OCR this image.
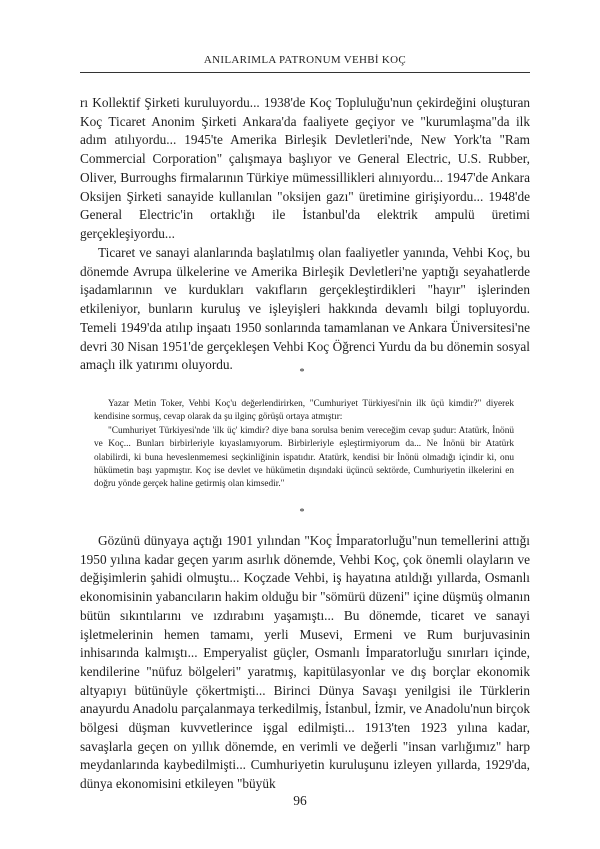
ANILARIMLA PATRONUM VEHBİ KOÇ

rı Kollektif Şirketi kuruluyordu... 1938'de Koç Topluluğu'nun çekirdeğini oluşturan Koç Ticaret Anonim Şirketi Ankara'da faaliyete geçiyor ve "kurumlaşma"da ilk adım atılıyordu... 1945'te Amerika Birleşik Devletleri'nde, New York'ta "Ram Commercial Corporation" çalışmaya başlıyor ve General Electric, U.S. Rubber, Oliver, Burroughs firmalarının Türkiye mümessillikleri alınıyordu... 1947'de Ankara Oksijen Şirketi sanayide kullanılan "oksijen gazı" üretimine girişiyordu... 1948'de General Electric'in ortaklığı ile İstanbul'da elektrik ampulü üretimi gerçekleşiyordu...

Ticaret ve sanayi alanlarında başlatılmış olan faaliyetler yanında, Vehbi Koç, bu dönemde Avrupa ülkelerine ve Amerika Birleşik Devletleri'ne yaptığı seyahatlerde işadamlarının ve kurdukları vakıfların gerçekleştirdikleri "hayır" işlerinden etkileniyor, bunların kuruluş ve işleyişleri hakkında devamlı bilgi topluyordu. Temeli 1949'da atılıp inşaatı 1950 sonlarında tamamlanan ve Ankara Üniversitesi'ne devri 30 Nisan 1951'de gerçekleşen Vehbi Koç Öğrenci Yurdu da bu dönemin sosyal amaçlı ilk yatırımı oluyordu.

*

Yazar Metin Toker, Vehbi Koç'u değerlendirirken, "Cumhuriyet Türkiyesi'nin ilk üçü kimdir?" diyerek kendisine sormuş, cevap olarak da şu ilginç görüşü ortaya atmıştır:

"Cumhuriyet Türkiyesi'nde 'ilk üç' kimdir? diye bana sorulsa benim vereceğim cevap şudur: Atatürk, İnönü ve Koç... Bunları birbirleriyle kıyaslamıyorum. Birbirleriyle eşleştirmiyorum da... Ne İnönü bir Atatürk olabilirdi, ki buna heveslenmemesi seçkinliğinin ispatıdır. Atatürk, kendisi bir İnönü olmadığı içindir ki, onu hükümetin başı yapmıştır. Koç ise devlet ve hükümetin dışındaki üçüncü sektörde, Cumhuriyetin ilkelerini en doğru yönde gerçek haline getirmiş olan kimsedir."

*

Gözünü dünyaya açtığı 1901 yılından "Koç İmparatorluğu"nun temellerini attığı 1950 yılına kadar geçen yarım asırlık dönemde, Vehbi Koç, çok önemli olayların ve değişimlerin şahidi olmuştu... Koçzade Vehbi, iş hayatına atıldığı yıllarda, Osmanlı ekonomisinin yabancıların hakim olduğu bir "sömürü düzeni" içine düşmüş olmanın bütün sıkıntılarını ve ızdırabını yaşamıştı... Bu dönemde, ticaret ve sanayi işletmelerinin hemen tamamı, yerli Musevi, Ermeni ve Rum burjuvasinin inhisarında kalmıştı... Emperyalist güçler, Osmanlı İmparatorluğu sınırları içinde, kendilerine "nüfuz bölgeleri" yaratmış, kapitülasyonlar ve dış borçlar ekonomik altyapıyı bütünüyle çökertmişti... Birinci Dünya Savaşı yenilgisi ile Türklerin anayurdu Anadolu parçalanmaya terkedilmiş, İstanbul, İzmir, ve Anadolu'nun birçok bölgesi düşman kuvvetlerince işgal edilmişti... 1913'ten 1923 yılına kadar, savaşlarla geçen on yıllık dönemde, en verimli ve değerli "insan varlığımız" harp meydanlarında kaybedilmişti... Cumhuriyetin kuruluşunu izleyen yıllarda, 1929'da, dünya ekonomisini etkileyen "büyük

96
